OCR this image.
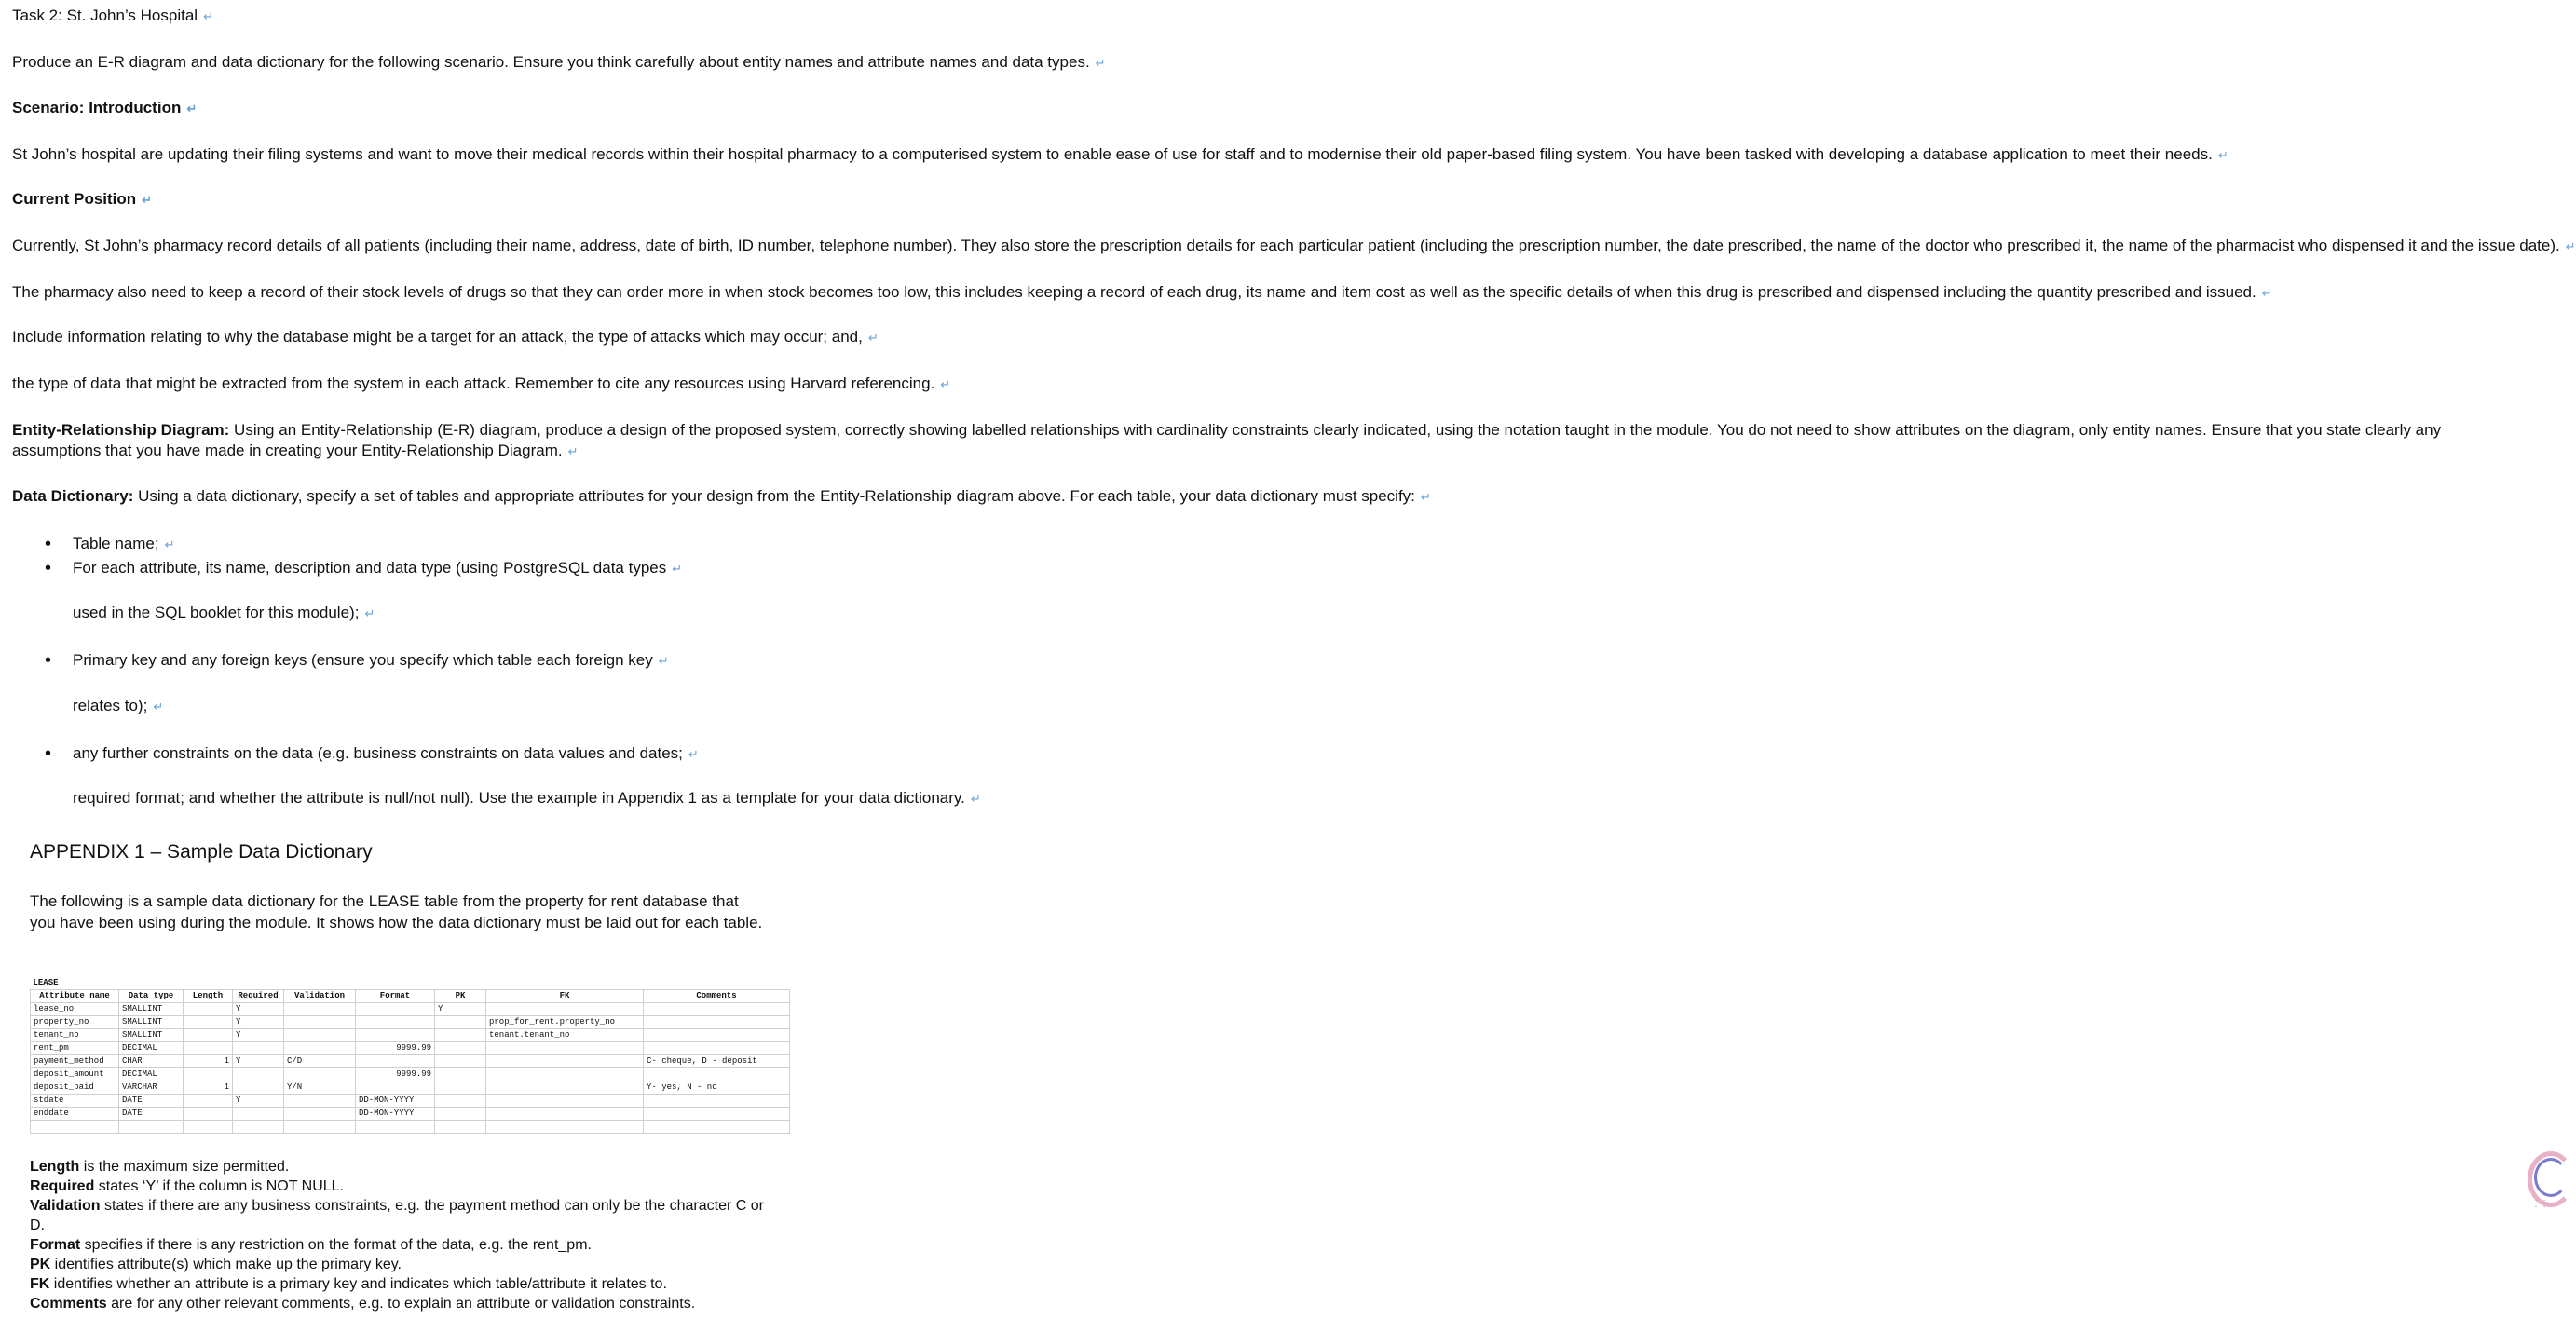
Task 2: St. John’s Hospital ↵
Produce an E-R diagram and data dictionary for the following scenario. Ensure you think carefully about entity names and attribute names and data types. ↵
Scenario: Introduction ↵
St John’s hospital are updating their filing systems and want to move their medical records within their hospital pharmacy to a computerised system to enable ease of use for staff and to modernise their old paper-based filing system. You have been tasked with developing a database application to meet their needs. ↵
Current Position ↵
Currently, St John’s pharmacy record details of all patients (including their name, address, date of birth, ID number, telephone number). They also store the prescription details for each particular patient (including the prescription number, the date prescribed, the name of the doctor who prescribed it, the name of the pharmacist who dispensed it and the issue date). ↵
The pharmacy also need to keep a record of their stock levels of drugs so that they can order more in when stock becomes too low, this includes keeping a record of each drug, its name and item cost as well as the specific details of when this drug is prescribed and dispensed including the quantity prescribed and issued. ↵
Include information relating to why the database might be a target for an attack, the type of attacks which may occur; and, ↵
the type of data that might be extracted from the system in each attack. Remember to cite any resources using Harvard referencing. ↵
Entity-Relationship Diagram: Using an Entity-Relationship (E-R) diagram, produce a design of the proposed system, correctly showing labelled relationships with cardinality constraints clearly indicated, using the notation taught in the module. You do not need to show attributes on the diagram, only entity names. Ensure that you state clearly any assumptions that you have made in creating your Entity-Relationship Diagram. ↵
Data Dictionary: Using a data dictionary, specify a set of tables and appropriate attributes for your design from the Entity-Relationship diagram above. For each table, your data dictionary must specify: ↵
• Table name; ↵
• For each attribute, its name, description and data type (using PostgreSQL data types ↵
used in the SQL booklet for this module); ↵
• Primary key and any foreign keys (ensure you specify which table each foreign key ↵
relates to); ↵
• any further constraints on the data (e.g. business constraints on data values and dates; ↵
required format; and whether the attribute is null/not null). Use the example in Appendix 1 as a template for your data dictionary. ↵
APPENDIX 1 – Sample Data Dictionary
The following is a sample data dictionary for the LEASE table from the property for rent database that you have been using during the module. It shows how the data dictionary must be laid out for each table.
LEASE								
Attribute name	Data type	Length	Required	Validation	Format	PK	FK	Comments
lease_no	SMALLINT		Y			Y		
property_no	SMALLINT		Y				prop_for_rent.property_no	
tenant_no	SMALLINT		Y				tenant.tenant_no	
rent_pm	DECIMAL				9999.99			
payment_method	CHAR	1	Y	C/D				C- cheque, D - deposit
deposit_amount	DECIMAL				9999.99			
deposit_paid	VARCHAR	1		Y/N				Y- yes, N - no
stdate	DATE		Y		DD-MON-YYYY			
enddate	DATE				DD-MON-YYYY			

Length is the maximum size permitted.
Required states ‘Y’ if the column is NOT NULL.
Validation states if there are any business constraints, e.g. the payment method can only be the character C or D.
Format specifies if there is any restriction on the format of the data, e.g. the rent_pm.
PK identifies attribute(s) which make up the primary key.
FK identifies whether an attribute is a primary key and indicates which table/attribute it relates to.
Comments are for any other relevant comments, e.g. to explain an attribute or validation constraints.
⋮⋮
